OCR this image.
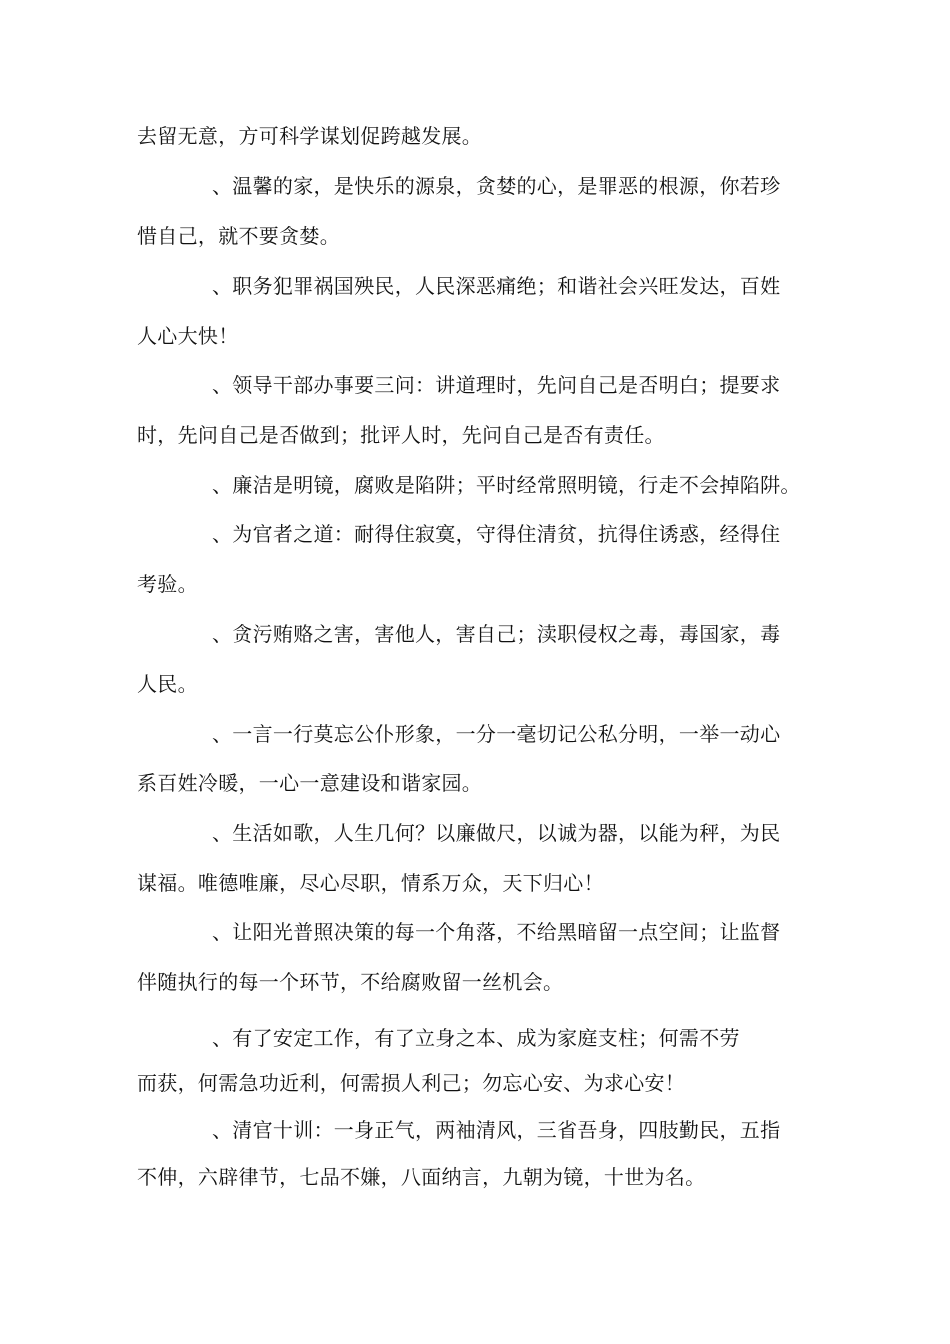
去留无意，方可科学谋划促跨越发展。
、温馨的家，是快乐的源泉，贪婪的心，是罪恶的根源，你若珍
惜自己，就不要贪婪。
、职务犯罪祸国殃民，人民深恶痛绝；和谐社会兴旺发达，百姓
人心大快！
、领导干部办事要三问：讲道理时，先问自己是否明白；提要求
时，先问自己是否做到；批评人时，先问自己是否有责任。
、廉洁是明镜，腐败是陷阱；平时经常照明镜，行走不会掉陷阱。
、为官者之道：耐得住寂寞，守得住清贫，抗得住诱惑，经得住
考验。
、贪污贿赂之害，害他人，害自己；渎职侵权之毒，毒国家，毒
人民。
、一言一行莫忘公仆形象，一分一毫切记公私分明，一举一动心
系百姓冷暖，一心一意建设和谐家园。
、生活如歌，人生几何？以廉做尺，以诚为器，以能为秤，为民
谋福。唯德唯廉，尽心尽职，情系万众，天下归心！
、让阳光普照决策的每一个角落，不给黑暗留一点空间；让监督
伴随执行的每一个环节，不给腐败留一丝机会。
、有了安定工作，有了立身之本、成为家庭支柱；何需不劳
而获，何需急功近利，何需损人利己；勿忘心安、为求心安！
、清官十训：一身正气，两袖清风，三省吾身，四肢勤民，五指
不伸，六辟律节，七品不嫌，八面纳言，九朝为镜，十世为名。
